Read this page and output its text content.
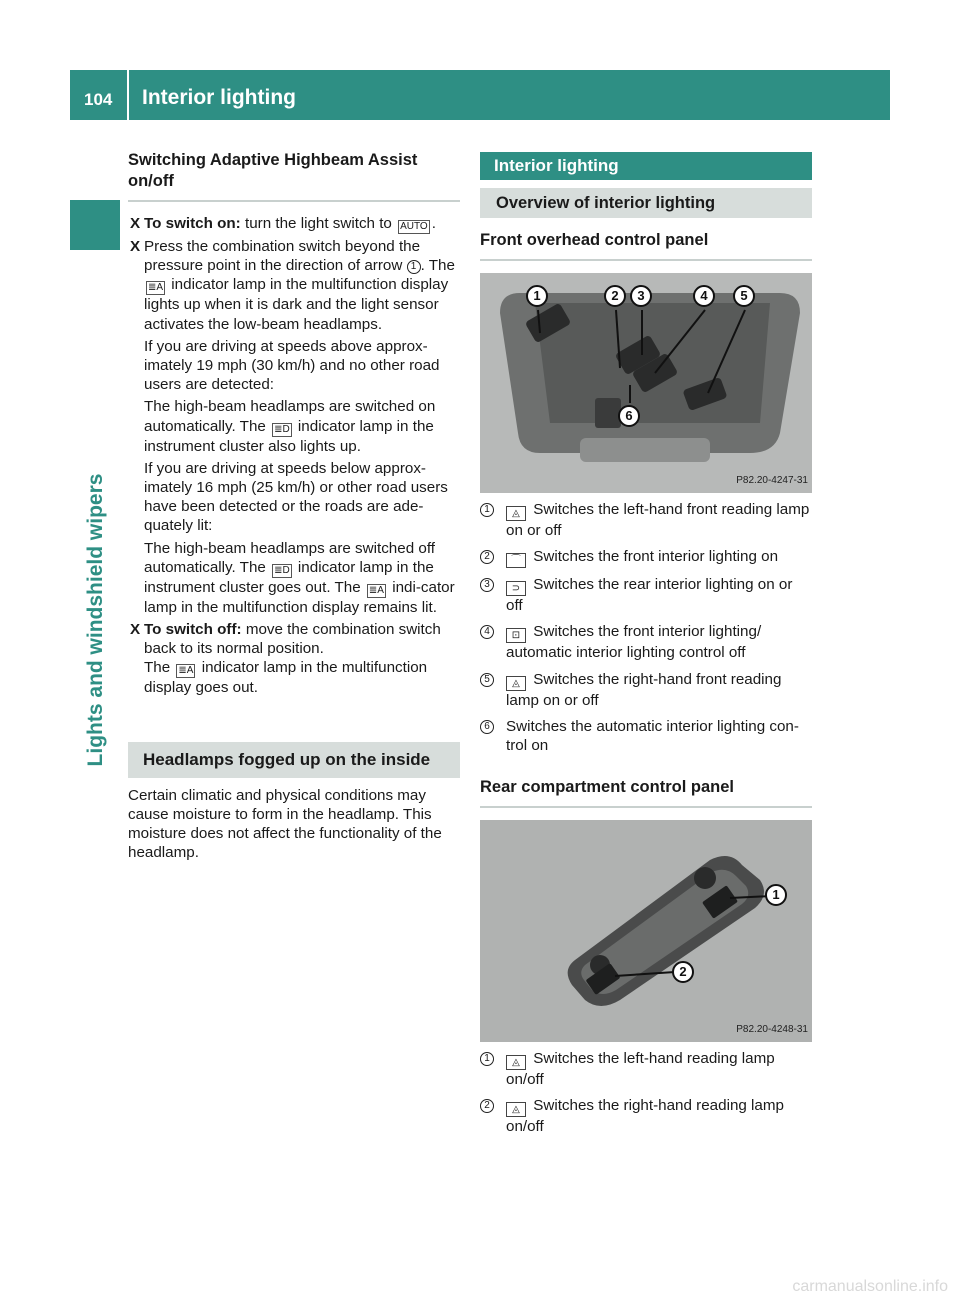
104 Interior lighting
Lights and windshield wipers
Switching Adaptive Highbeam Assist on/off
X To switch on: turn the light switch to AUTO .
X Press the combination switch beyond the pressure point in the direction of arrow 1 . The ≣A indicator lamp in the multifunction display lights up when it is dark and the light sensor activates the low-beam headlamps.
If you are driving at speeds above approx-imately 19 mph (30 km/h) and no other road users are detected:
The high-beam headlamps are switched on automatically. The ≣D indicator lamp in the instrument cluster also lights up.
If you are driving at speeds below approx-imately 16 mph (25 km/h) or other road users have been detected or the roads are ade-quately lit:
The high-beam headlamps are switched off automatically. The ≣D indicator lamp in the instrument cluster goes out. The ≣A indi-cator lamp in the multifunction display remains lit.
X To switch off: move the combination switch back to its normal position.
The ≣A indicator lamp in the multifunction display goes out.
Headlamps fogged up on the inside
Certain climatic and physical conditions may cause moisture to form in the headlamp. This moisture does not affect the functionality of the headlamp.
Interior lighting
Overview of interior lighting
Front overhead control panel
1	2	3	4	5
6
P82.20-4247-31
1	◬ Switches the left-hand front reading lamp on or off
2	⌒ Switches the front interior lighting on
3	⊃ Switches the rear interior lighting on or off
4	⊡ Switches the front interior lighting/ automatic interior lighting control off
5	◬ Switches the right-hand front reading lamp on or off
6 Switches the automatic interior lighting con-trol on
Rear compartment control panel
1
2
P82.20-4248-31
1	◬ Switches the left-hand reading lamp on/off
2	◬ Switches the right-hand reading lamp on/off
carmanualsonline.info
